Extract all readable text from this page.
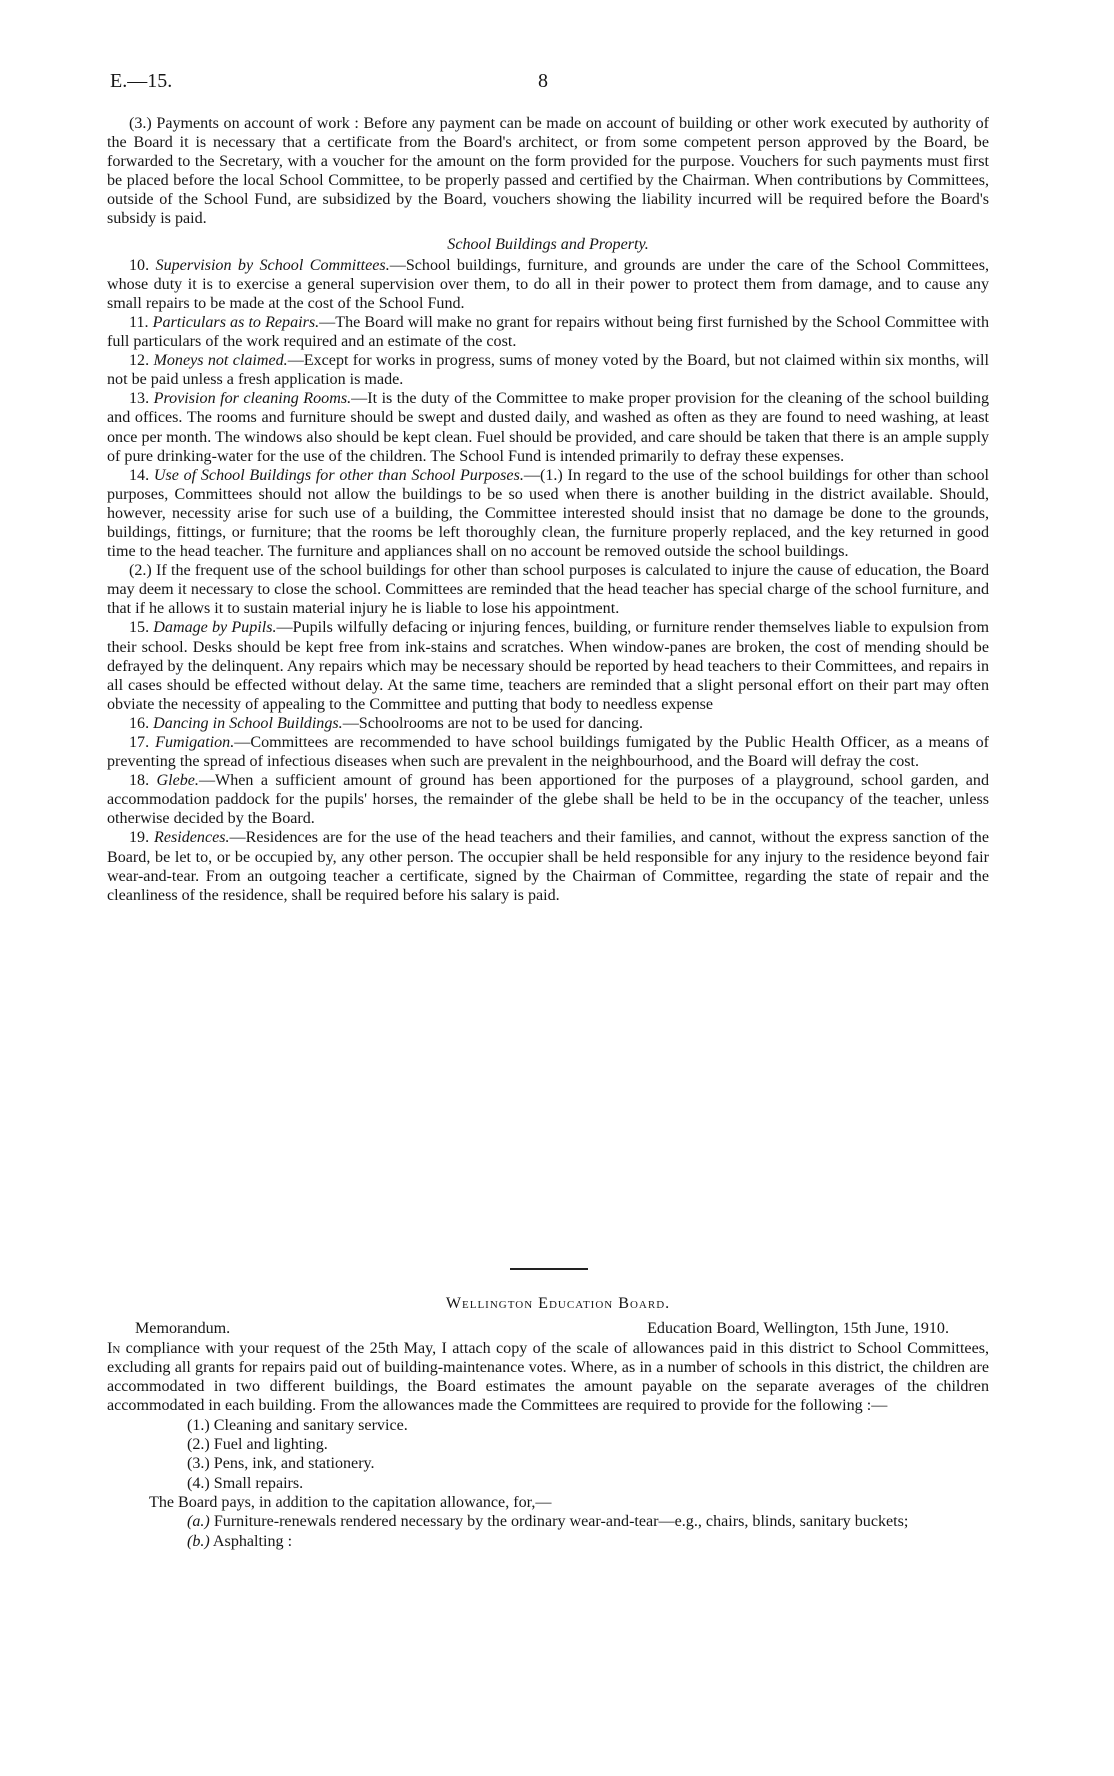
E.—15.	8

(3.) Payments on account of work : Before any payment can be made on account of building or other work executed by authority of the Board it is necessary that a certificate from the Board's architect, or from some competent person approved by the Board, be forwarded to the Secretary, with a voucher for the amount on the form provided for the purpose. Vouchers for such payments must first be placed before the local School Committee, to be properly passed and certified by the Chairman. When contributions by Committees, outside of the School Fund, are subsidized by the Board, vouchers showing the liability incurred will be required before the Board's subsidy is paid.

School Buildings and Property.

10. Supervision by School Committees.—School buildings, furniture, and grounds are under the care of the School Committees, whose duty it is to exercise a general supervision over them, to do all in their power to protect them from damage, and to cause any small repairs to be made at the cost of the School Fund.

11. Particulars as to Repairs.—The Board will make no grant for repairs without being first furnished by the School Committee with full particulars of the work required and an estimate of the cost.

12. Moneys not claimed.—Except for works in progress, sums of money voted by the Board, but not claimed within six months, will not be paid unless a fresh application is made.

13. Provision for cleaning Rooms.—It is the duty of the Committee to make proper provision for the cleaning of the school building and offices. The rooms and furniture should be swept and dusted daily, and washed as often as they are found to need washing, at least once per month. The windows also should be kept clean. Fuel should be provided, and care should be taken that there is an ample supply of pure drinking-water for the use of the children. The School Fund is intended primarily to defray these expenses.

14. Use of School Buildings for other than School Purposes.—(1.) In regard to the use of the school buildings for other than school purposes, Committees should not allow the buildings to be so used when there is another building in the district available. Should, however, necessity arise for such use of a building, the Committee interested should insist that no damage be done to the grounds, buildings, fittings, or furniture; that the rooms be left thoroughly clean, the furniture properly replaced, and the key returned in good time to the head teacher. The furniture and appliances shall on no account be removed outside the school buildings.

(2.) If the frequent use of the school buildings for other than school purposes is calculated to injure the cause of education, the Board may deem it necessary to close the school. Committees are reminded that the head teacher has special charge of the school furniture, and that if he allows it to sustain material injury he is liable to lose his appointment.

15. Damage by Pupils.—Pupils wilfully defacing or injuring fences, building, or furniture render themselves liable to expulsion from their school. Desks should be kept free from ink-stains and scratches. When window-panes are broken, the cost of mending should be defrayed by the delinquent. Any repairs which may be necessary should be reported by head teachers to their Committees, and repairs in all cases should be effected without delay. At the same time, teachers are reminded that a slight personal effort on their part may often obviate the necessity of appealing to the Committee and putting that body to needless expense

16. Dancing in School Buildings.—Schoolrooms are not to be used for dancing.

17. Fumigation.—Committees are recommended to have school buildings fumigated by the Public Health Officer, as a means of preventing the spread of infectious diseases when such are prevalent in the neighbourhood, and the Board will defray the cost.

18. Glebe.—When a sufficient amount of ground has been apportioned for the purposes of a playground, school garden, and accommodation paddock for the pupils' horses, the remainder of the glebe shall be held to be in the occupancy of the teacher, unless otherwise decided by the Board.

19. Residences.—Residences are for the use of the head teachers and their families, and cannot, without the express sanction of the Board, be let to, or be occupied by, any other person. The occupier shall be held responsible for any injury to the residence beyond fair wear-and-tear. From an outgoing teacher a certificate, signed by the Chairman of Committee, regarding the state of repair and the cleanliness of the residence, shall be required before his salary is paid.

Wellington Education Board.
Memorandum.	Education Board, Wellington, 15th June, 1910.
In compliance with your request of the 25th May, I attach copy of the scale of allowances paid in this district to School Committees, excluding all grants for repairs paid out of building-maintenance votes. Where, as in a number of schools in this district, the children are accommodated in two different buildings, the Board estimates the amount payable on the separate averages of the children accommodated in each building. From the allowances made the Committees are required to provide for the following :—
(1.) Cleaning and sanitary service.
(2.) Fuel and lighting.
(3.) Pens, ink, and stationery.
(4.) Small repairs.
The Board pays, in addition to the capitation allowance, for,—
(a.) Furniture-renewals rendered necessary by the ordinary wear-and-tear—e.g., chairs, blinds, sanitary buckets;
(b.) Asphalting :
